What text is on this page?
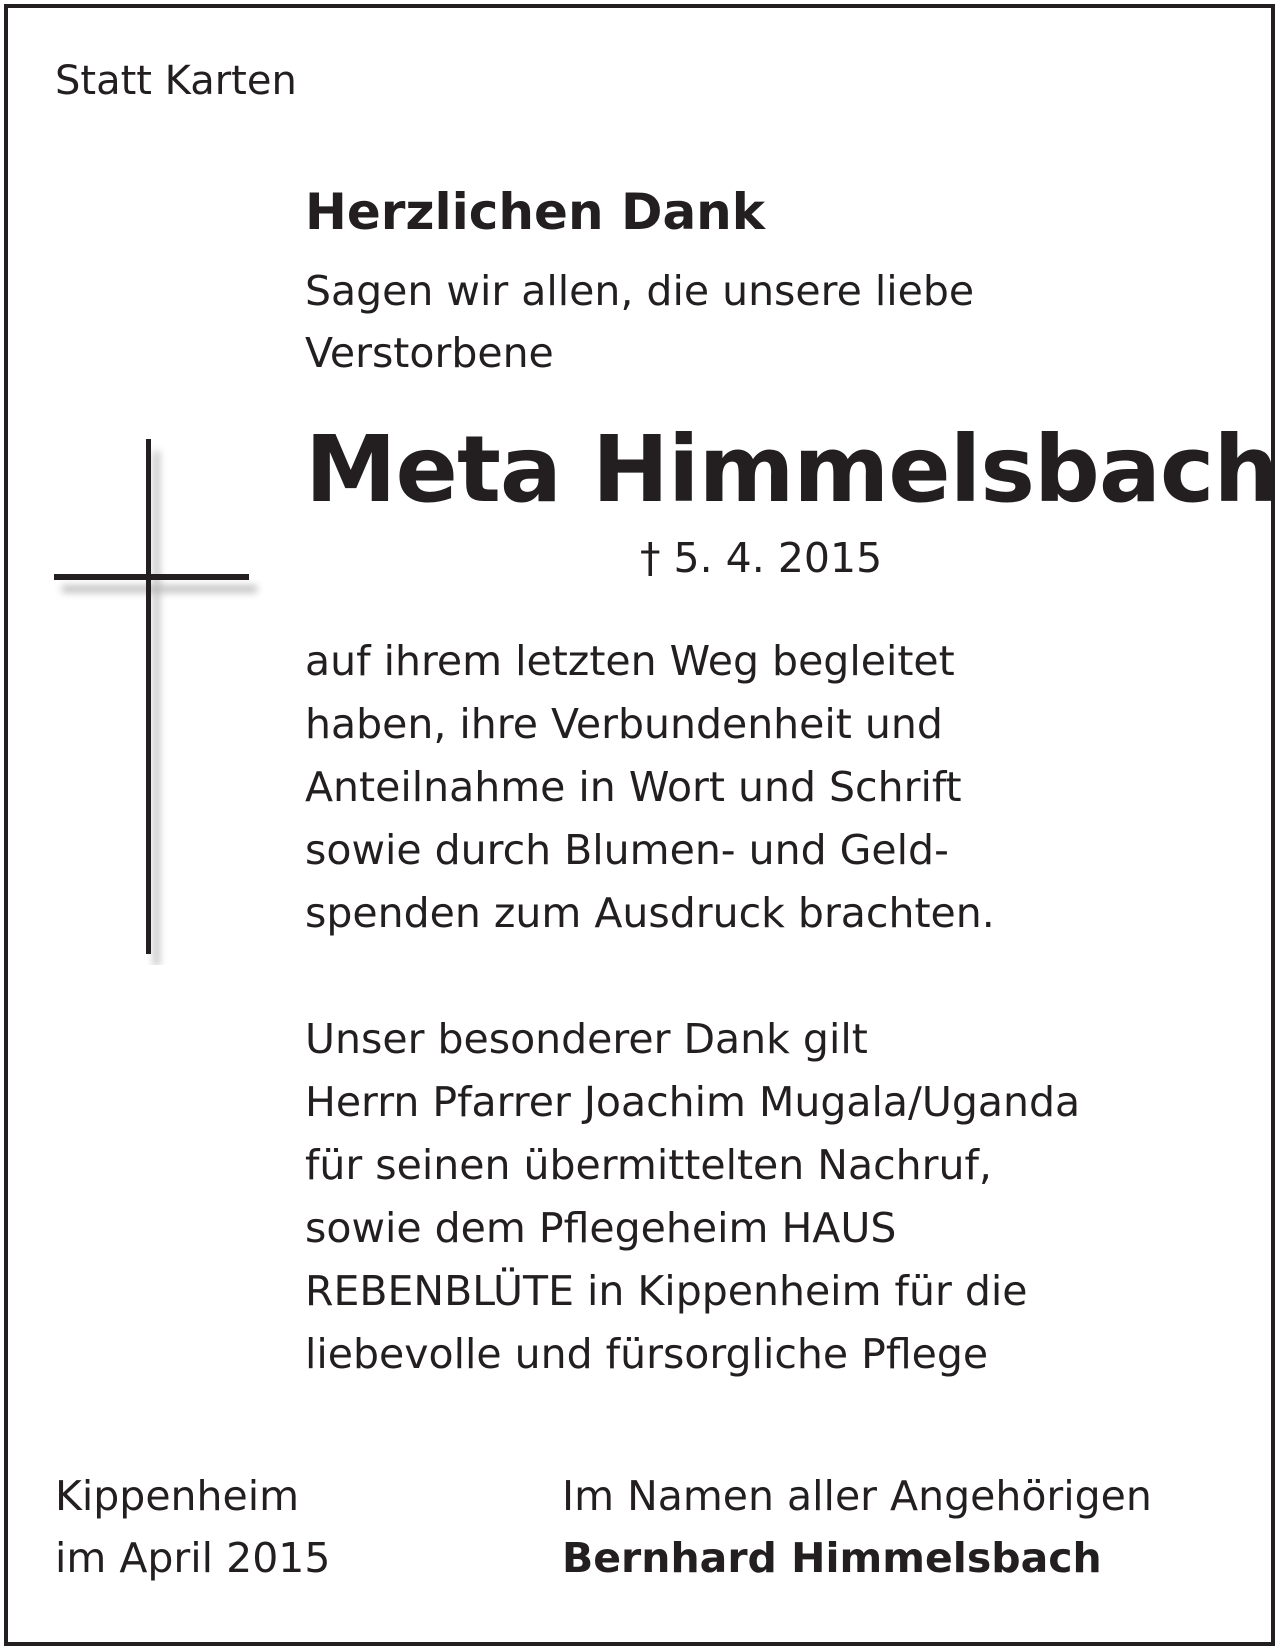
Statt Karten
Herzlichen Dank
Sagen wir allen, die unsere liebe
Verstorbene
Meta Himmelsbach
† 5. 4. 2015
auf ihrem letzten Weg begleitet
haben, ihre Verbundenheit und
Anteilnahme in Wort und Schrift
sowie durch Blumen- und Geld-
spenden zum Ausdruck brachten.
Unser besonderer Dank gilt
Herrn Pfarrer Joachim Mugala/Uganda
für seinen übermittelten Nachruf,
sowie dem Pflegeheim HAUS
REBENBLÜTE in Kippenheim für die
liebevolle und fürsorgliche Pflege
Kippenheim
im April 2015
Im Namen aller Angehörigen
Bernhard Himmelsbach
